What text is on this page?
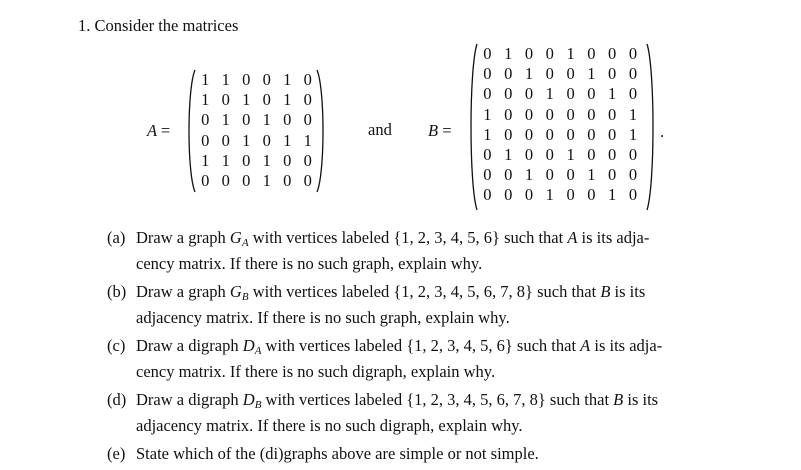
1. Consider the matrices
A =
1 1 0 0 1 0
1 0 1 0 1 0
0 1 0 1 0 0
0 0 1 0 1 1
1 1 0 1 0 0
0 0 0 1 0 0
and B =
0 1 0 0 1 0 0 0
0 0 1 0 0 1 0 0
0 0 0 1 0 0 1 0
1 0 0 0 0 0 0 1
1 0 0 0 0 0 0 1
0 1 0 0 1 0 0 0
0 0 1 0 0 1 0 0
0 0 0 1 0 0 1 0
.
(a) Draw a graph GA with vertices labeled {1, 2, 3, 4, 5, 6} such that A is its adja-
cency matrix. If there is no such graph, explain why.
(b) Draw a graph GB with vertices labeled {1, 2, 3, 4, 5, 6, 7, 8} such that B is its
adjacency matrix. If there is no such graph, explain why.
(c) Draw a digraph DA with vertices labeled {1, 2, 3, 4, 5, 6} such that A is its adja-
cency matrix. If there is no such digraph, explain why.
(d) Draw a digraph DB with vertices labeled {1, 2, 3, 4, 5, 6, 7, 8} such that B is its
adjacency matrix. If there is no such digraph, explain why.
(e) State which of the (di)graphs above are simple or not simple.
